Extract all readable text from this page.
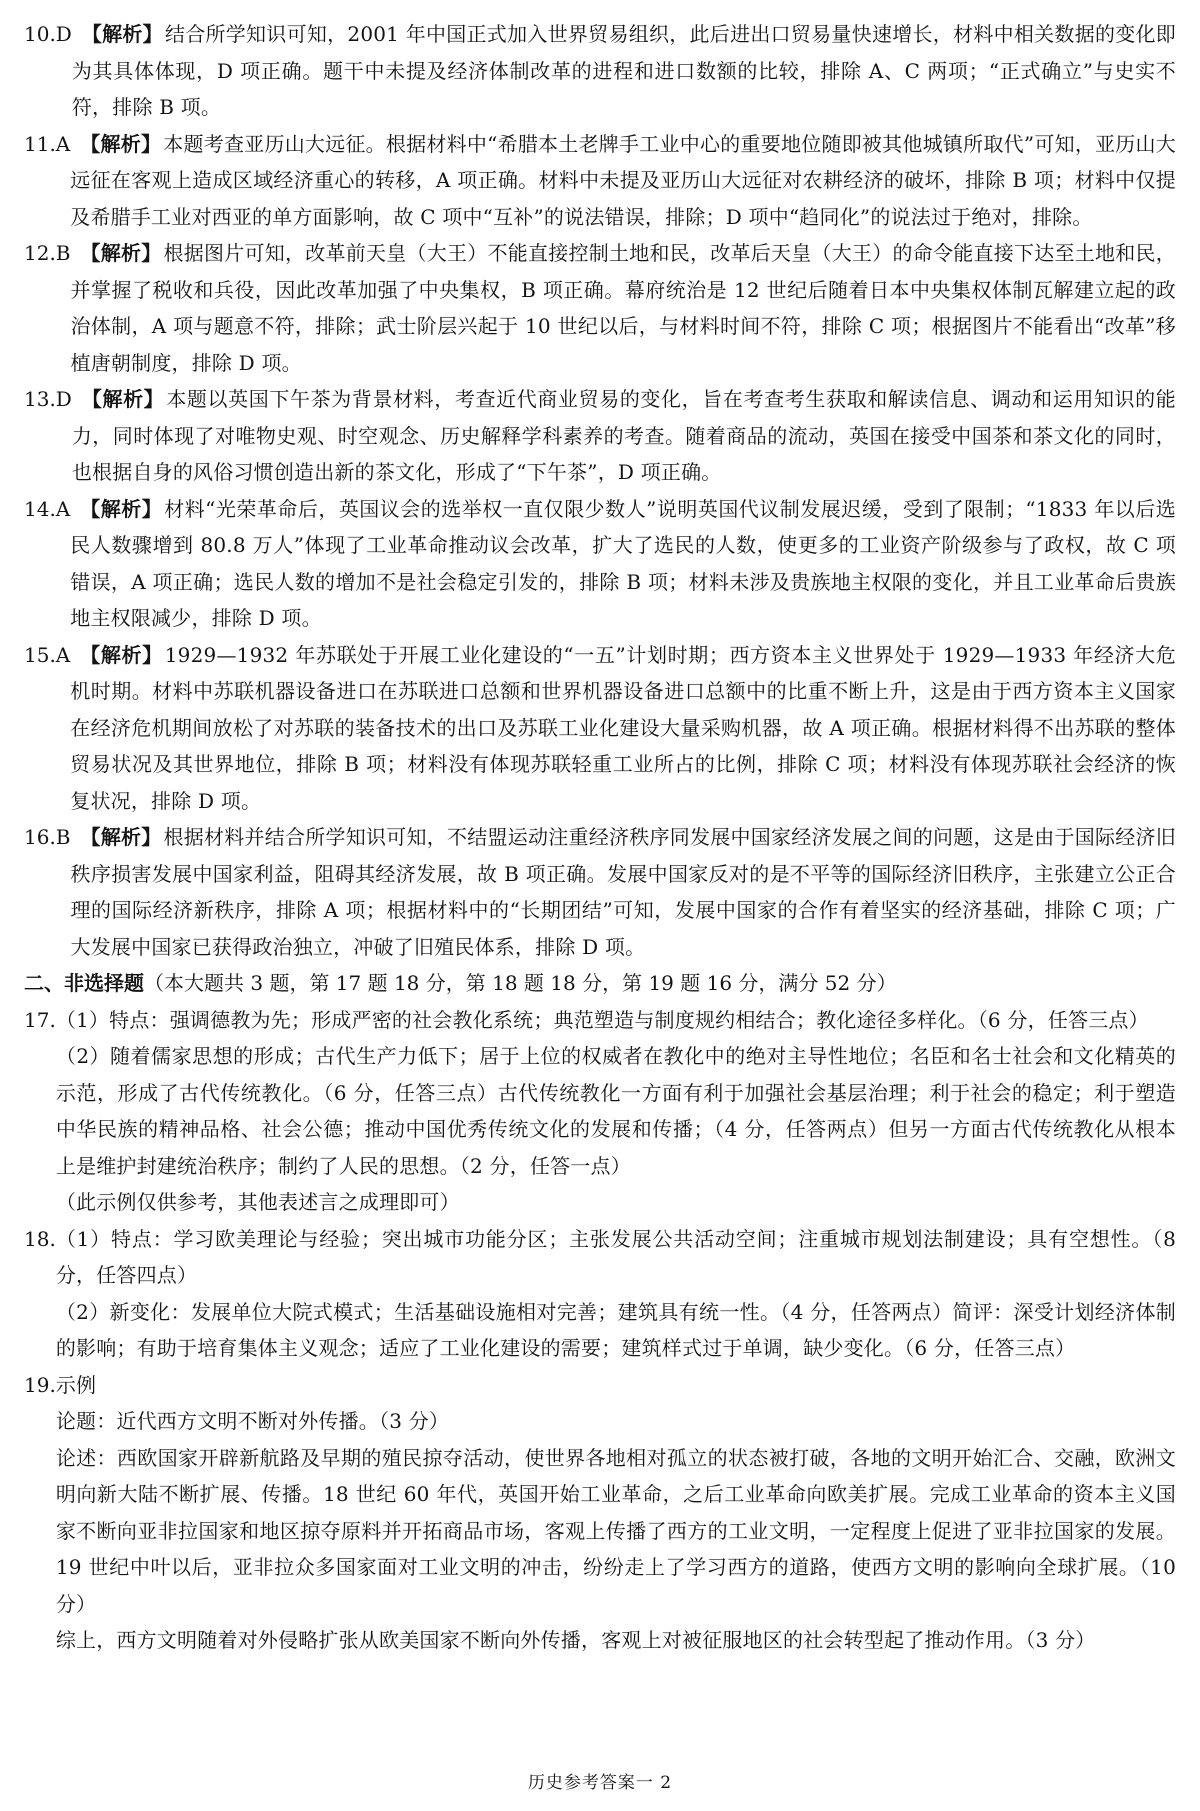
10.D 【解析】 结合所学知识可知，2001 年中国正式加入世界贸易组织，此后进出口贸易量快速增长，材料中相关数据的变化即为其具体体现，D 项正确。题干中未提及经济体制改革的进程和进口数额的比较，排除 A、C 两项；“正式确立”与史实不符，排除 B 项。
11.A 【解析】 本题考查亚历山大远征。根据材料中“希腊本土老牌手工业中心的重要地位随即被其他城镇所取代”可知，亚历山大远征在客观上造成区域经济重心的转移，A 项正确。材料中未提及亚历山大远征对农耕经济的破坏，排除 B 项；材料中仅提及希腊手工业对西亚的单方面影响，故 C 项中“互补”的说法错误，排除；D 项中“趋同化”的说法过于绝对，排除。
12.B 【解析】 根据图片可知，改革前天皇（大王）不能直接控制土地和民，改革后天皇（大王）的命令能直接下达至土地和民，并掌握了税收和兵役，因此改革加强了中央集权，B 项正确。幕府统治是 12 世纪后随着日本中央集权体制瓦解建立起的政治体制，A 项与题意不符，排除；武士阶层兴起于 10 世纪以后，与材料时间不符，排除 C 项；根据图片不能看出“改革”移植唐朝制度，排除 D 项。
13.D 【解析】 本题以英国下午茶为背景材料，考查近代商业贸易的变化，旨在考查考生获取和解读信息、调动和运用知识的能力，同时体现了对唯物史观、时空观念、历史解释学科素养的考查。随着商品的流动，英国在接受中国茶和茶文化的同时，也根据自身的风俗习惯创造出新的茶文化，形成了“下午茶”，D 项正确。
14.A 【解析】 材料“光荣革命后，英国议会的选举权一直仅限少数人”说明英国代议制发展迟缓，受到了限制；“1833 年以后选民人数骤增到 80.8 万人”体现了工业革命推动议会改革，扩大了选民的人数，使更多的工业资产阶级参与了政权，故 C 项错误，A 项正确；选民人数的增加不是社会稳定引发的，排除 B 项；材料未涉及贵族地主权限的变化，并且工业革命后贵族地主权限减少，排除 D 项。
15.A 【解析】 1929—1932 年苏联处于开展工业化建设的“一五”计划时期；西方资本主义世界处于 1929—1933 年经济大危机时期。材料中苏联机器设备进口在苏联进口总额和世界机器设备进口总额中的比重不断上升，这是由于西方资本主义国家在经济危机期间放松了对苏联的装备技术的出口及苏联工业化建设大量采购机器，故 A 项正确。根据材料得不出苏联的整体贸易状况及其世界地位，排除 B 项；材料没有体现苏联轻重工业所占的比例，排除 C 项；材料没有体现苏联社会经济的恢复状况，排除 D 项。
16.B 【解析】 根据材料并结合所学知识可知，不结盟运动注重经济秩序同发展中国家经济发展之间的问题，这是由于国际经济旧秩序损害发展中国家利益，阻碍其经济发展，故 B 项正确。发展中国家反对的是不平等的国际经济旧秩序，主张建立公正合理的国际经济新秩序，排除 A 项；根据材料中的“长期团结”可知，发展中国家的合作有着坚实的经济基础，排除 C 项；广大发展中国家已获得政治独立，冲破了旧殖民体系，排除 D 项。
二、非选择题（本大题共 3 题，第 17 题 18 分，第 18 题 18 分，第 19 题 16 分，满分 52 分）
17. （1）特点：强调德教为先；形成严密的社会教化系统；典范塑造与制度规约相结合；教化途径多样化。（6 分，任答三点）
（2）随着儒家思想的形成；古代生产力低下；居于上位的权威者在教化中的绝对主导性地位；名臣和名士社会和文化精英的示范，形成了古代传统教化。（6 分，任答三点）古代传统教化一方面有利于加强社会基层治理；利于社会的稳定；利于塑造中华民族的精神品格、社会公德；推动中国优秀传统文化的发展和传播；（4 分，任答两点）但另一方面古代传统教化从根本上是维护封建统治秩序；制约了人民的思想。（2 分，任答一点）
（此示例仅供参考，其他表述言之成理即可）
18. （1）特点：学习欧美理论与经验；突出城市功能分区；主张发展公共活动空间；注重城市规划法制建设；具有空想性。（8 分，任答四点）
（2）新变化：发展单位大院式模式；生活基础设施相对完善；建筑具有统一性。（4 分，任答两点）简评：深受计划经济体制的影响；有助于培育集体主义观念；适应了工业化建设的需要；建筑样式过于单调，缺少变化。（6 分，任答三点）
19. 示例
论题：近代西方文明不断对外传播。（3 分）
论述：西欧国家开辟新航路及早期的殖民掠夺活动，使世界各地相对孤立的状态被打破，各地的文明开始汇合、交融，欧洲文明向新大陆不断扩展、传播。18 世纪 60 年代，英国开始工业革命，之后工业革命向欧美扩展。完成工业革命的资本主义国家不断向亚非拉国家和地区掠夺原料并开拓商品市场，客观上传播了西方的工业文明，一定程度上促进了亚非拉国家的发展。19 世纪中叶以后，亚非拉众多国家面对工业文明的冲击，纷纷走上了学习西方的道路，使西方文明的影响向全球扩展。（10 分）
综上，西方文明随着对外侵略扩张从欧美国家不断向外传播，客观上对被征服地区的社会转型起了推动作用。（3 分）
历史参考答案一 2
